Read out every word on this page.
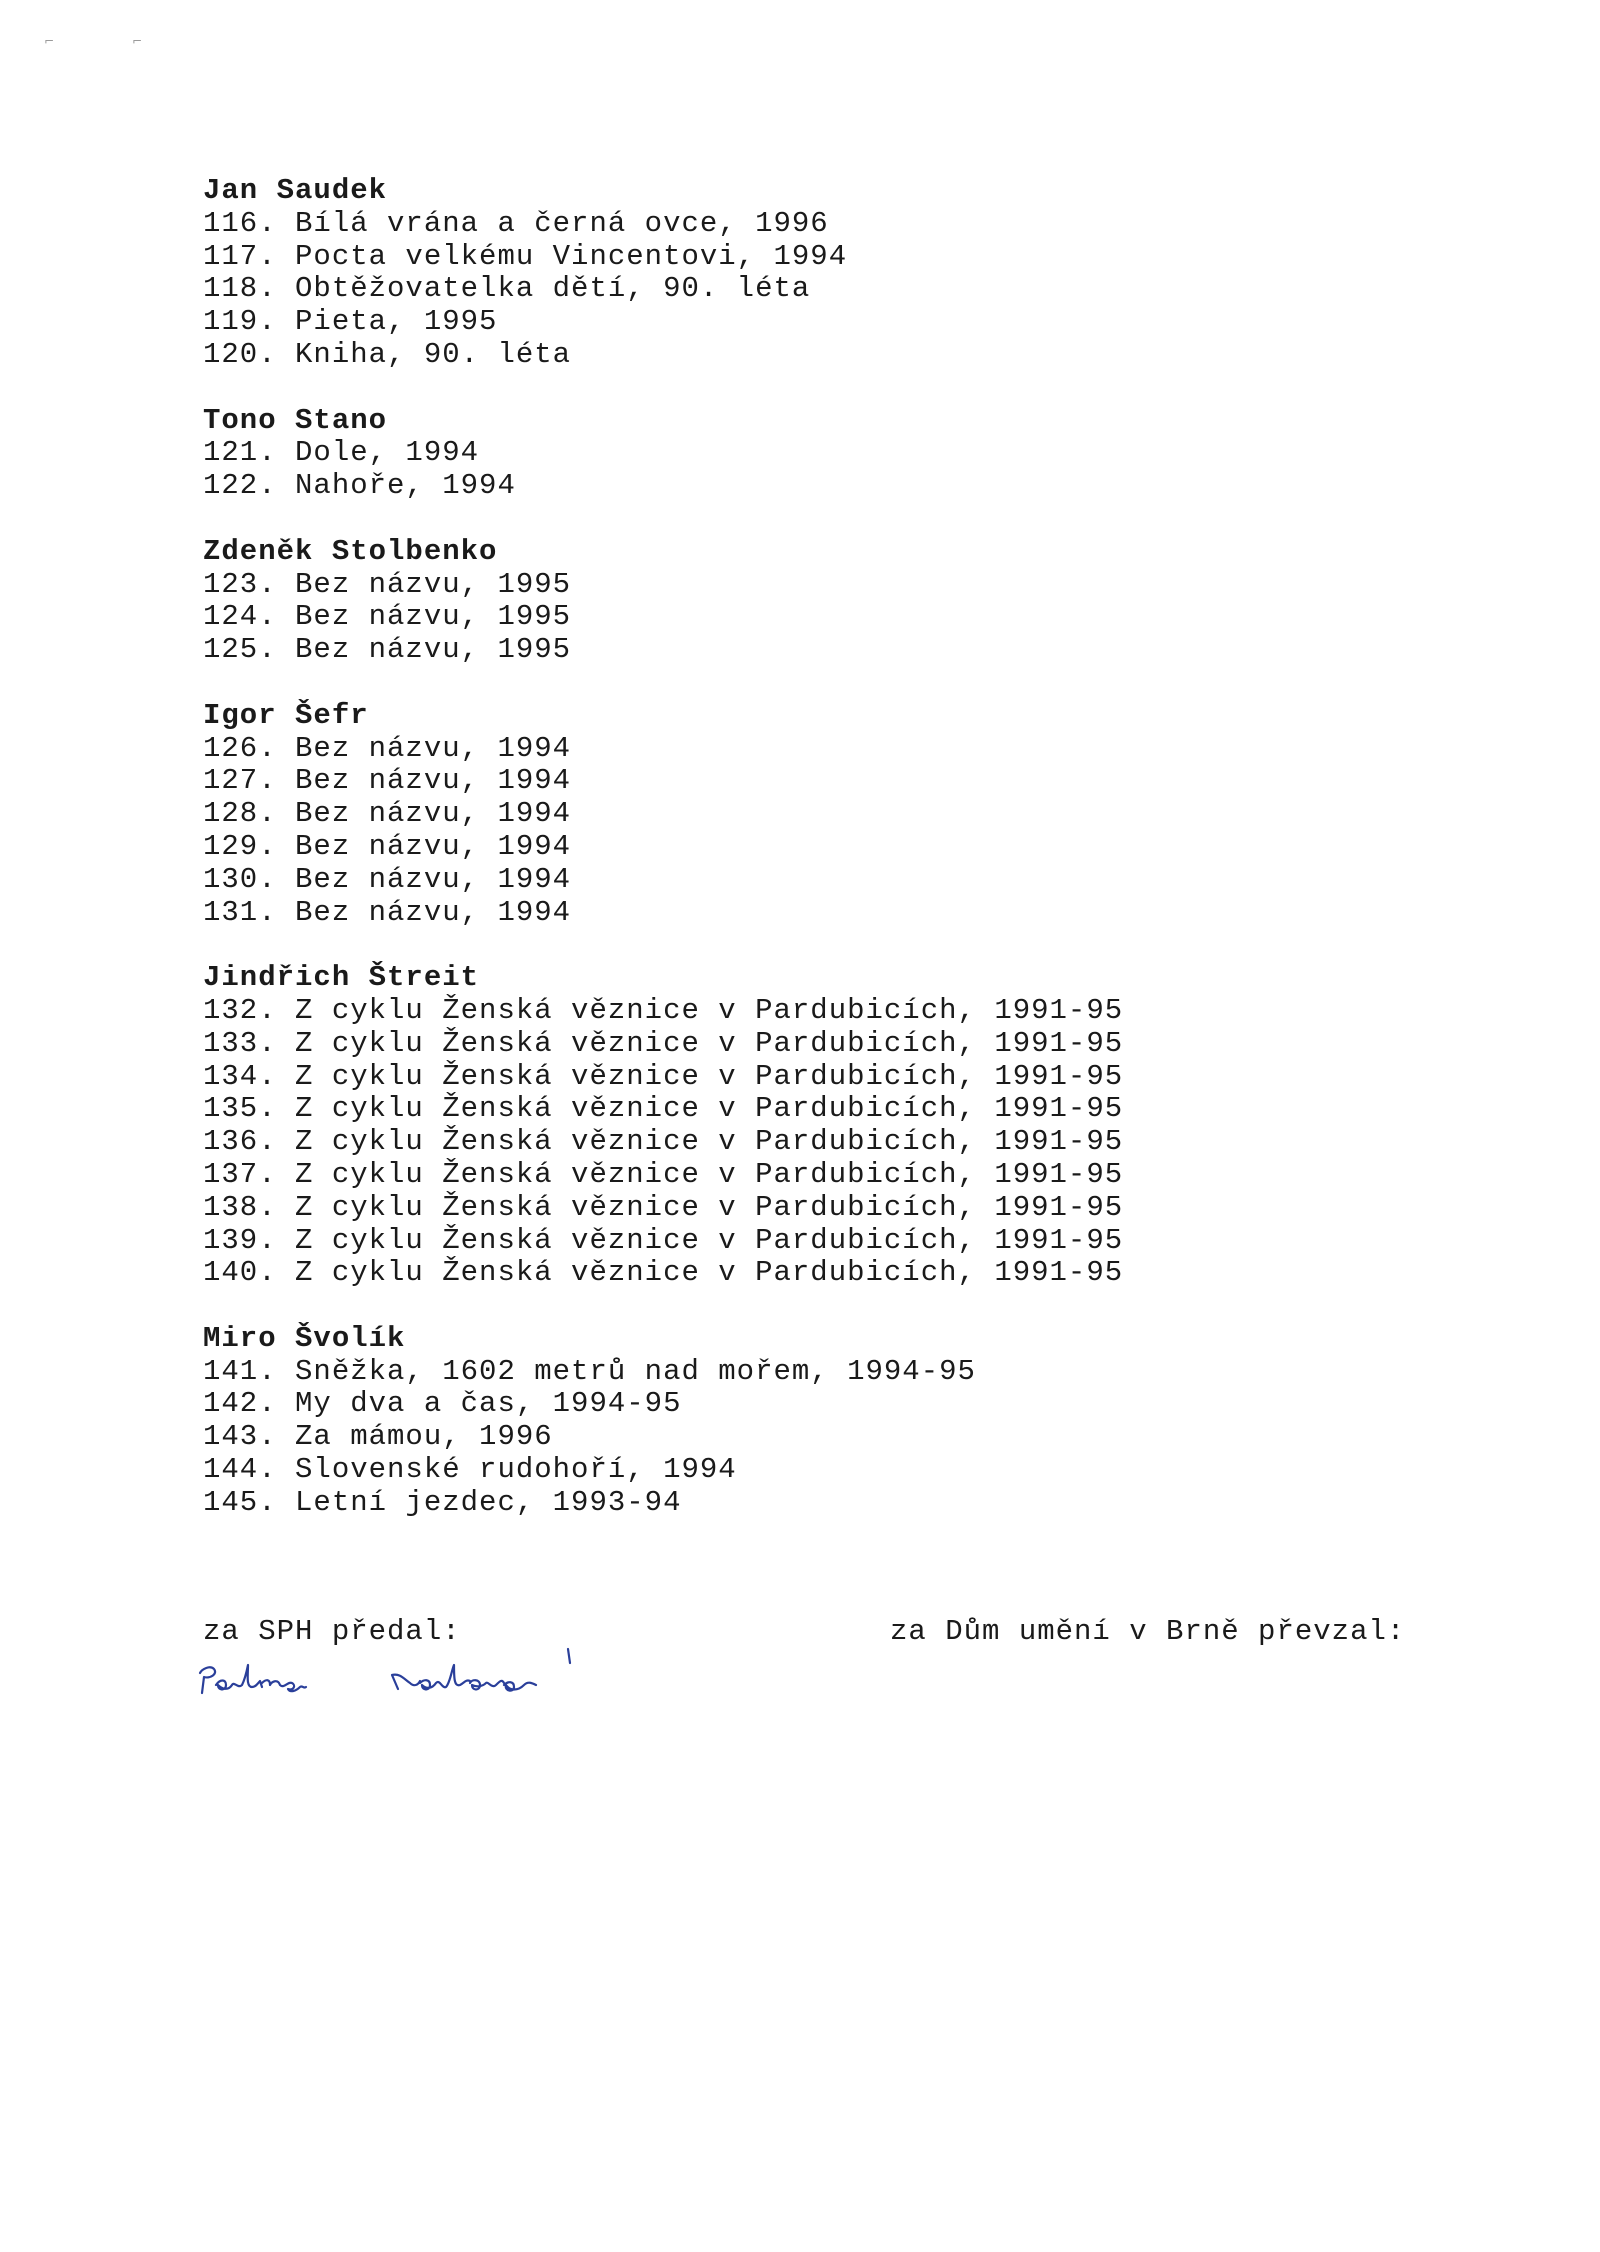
⌐	⌐
Jan Saudek
116. Bílá vrána a černá ovce, 1996
117. Pocta velkému Vincentovi, 1994
118. Obtěžovatelka dětí, 90. léta
119. Pieta, 1995
120. Kniha, 90. léta
Tono Stano
121. Dole, 1994
122. Nahoře, 1994
Zdeněk Stolbenko
123. Bez názvu, 1995
124. Bez názvu, 1995
125. Bez názvu, 1995
Igor Šefr
126. Bez názvu, 1994
127. Bez názvu, 1994
128. Bez názvu, 1994
129. Bez názvu, 1994
130. Bez názvu, 1994
131. Bez názvu, 1994
Jindřich Štreit
132. Z cyklu Ženská věznice v Pardubicích, 1991-95
133. Z cyklu Ženská věznice v Pardubicích, 1991-95
134. Z cyklu Ženská věznice v Pardubicích, 1991-95
135. Z cyklu Ženská věznice v Pardubicích, 1991-95
136. Z cyklu Ženská věznice v Pardubicích, 1991-95
137. Z cyklu Ženská věznice v Pardubicích, 1991-95
138. Z cyklu Ženská věznice v Pardubicích, 1991-95
139. Z cyklu Ženská věznice v Pardubicích, 1991-95
140. Z cyklu Ženská věznice v Pardubicích, 1991-95
Miro Švolík
141. Sněžka, 1602 metrů nad mořem, 1994-95
142. My dva a čas, 1994-95
143. Za mámou, 1996
144. Slovenské rudohoří, 1994
145. Letní jezdec, 1993-94
za SPH předal:	za Dům umění v Brně převzal:
